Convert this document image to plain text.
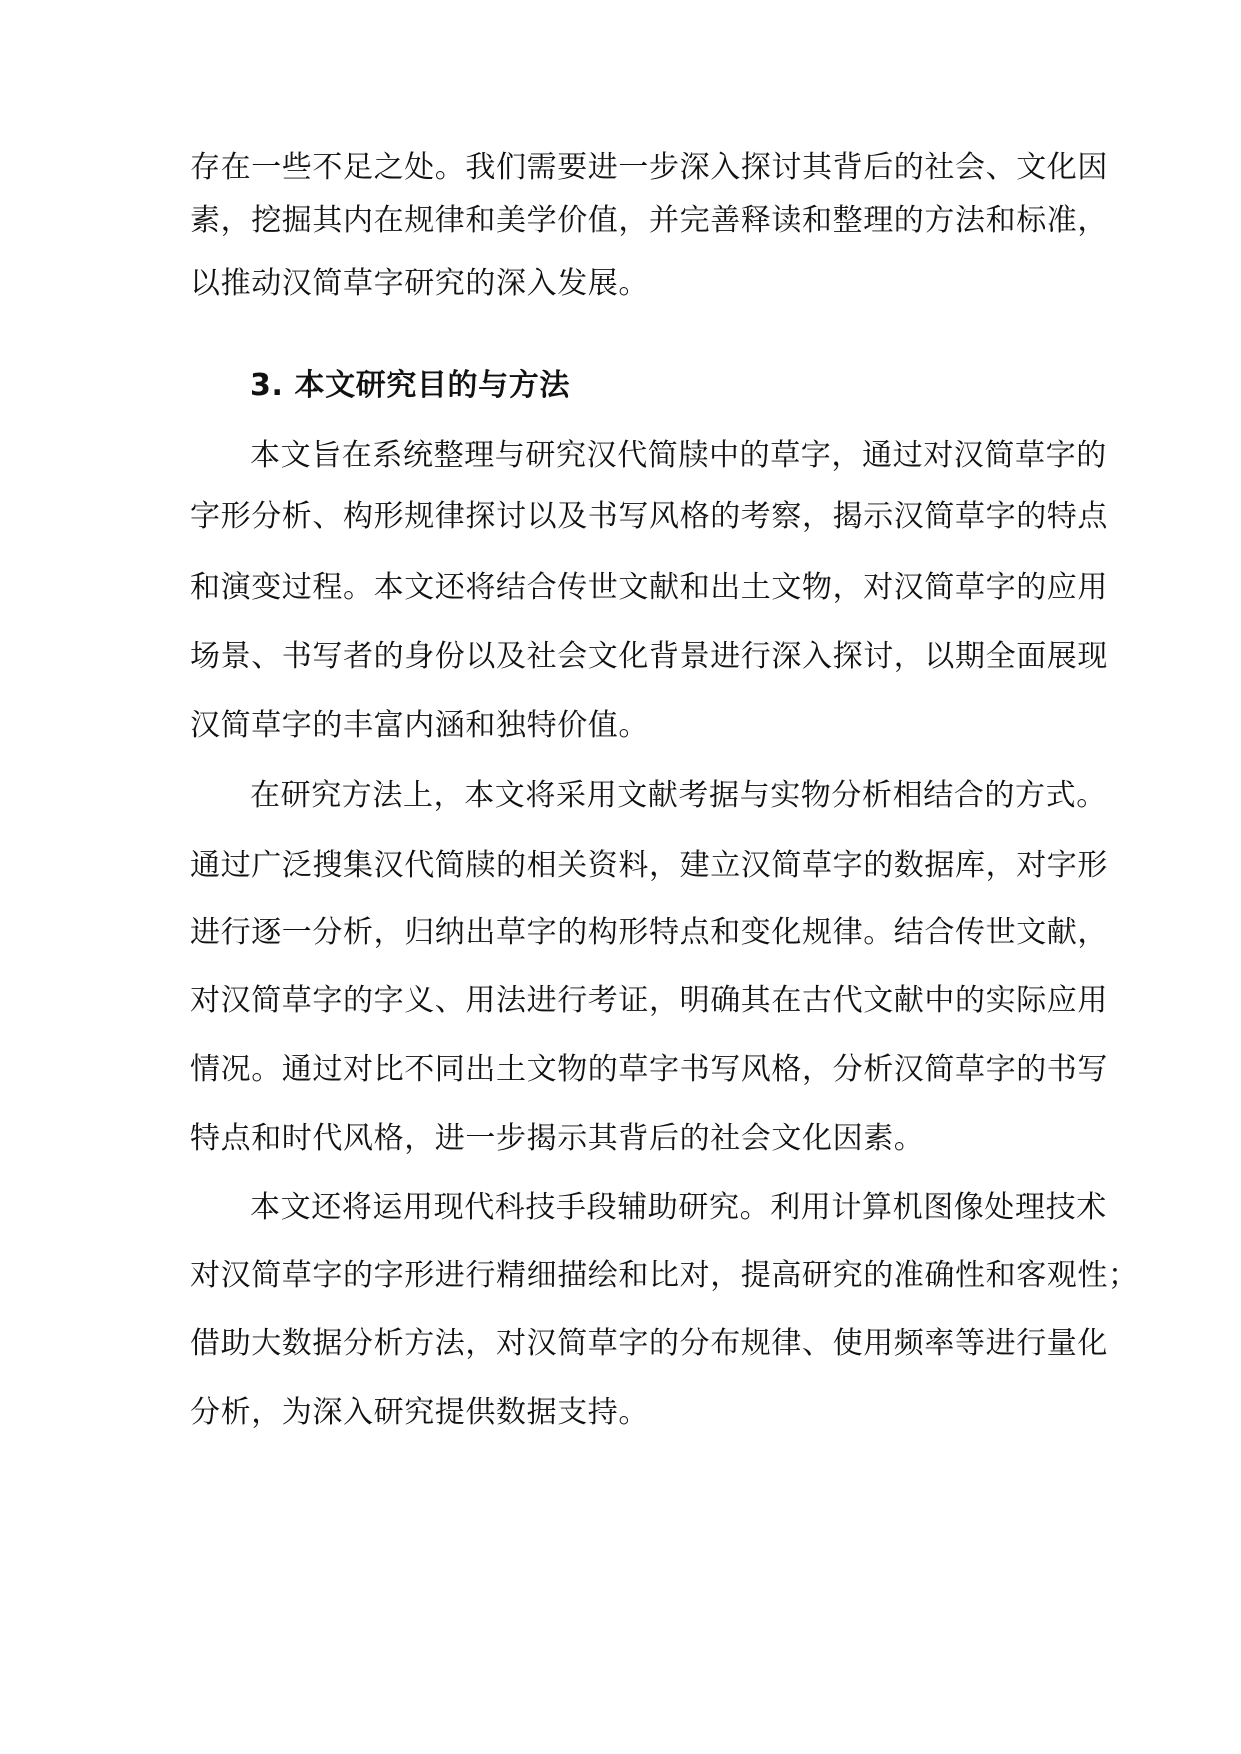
存在一些不足之处。我们需要进一步深入探讨其背后的社会、文化因
素，挖掘其内在规律和美学价值，并完善释读和整理的方法和标准，
以推动汉简草字研究的深入发展。
3. 本文研究目的与方法
本文旨在系统整理与研究汉代简牍中的草字，通过对汉简草字的
字形分析、构形规律探讨以及书写风格的考察，揭示汉简草字的特点
和演变过程。本文还将结合传世文献和出土文物，对汉简草字的应用
场景、书写者的身份以及社会文化背景进行深入探讨，以期全面展现
汉简草字的丰富内涵和独特价值。
在研究方法上，本文将采用文献考据与实物分析相结合的方式。
通过广泛搜集汉代简牍的相关资料，建立汉简草字的数据库，对字形
进行逐一分析，归纳出草字的构形特点和变化规律。结合传世文献，
对汉简草字的字义、用法进行考证，明确其在古代文献中的实际应用
情况。通过对比不同出土文物的草字书写风格，分析汉简草字的书写
特点和时代风格，进一步揭示其背后的社会文化因素。
本文还将运用现代科技手段辅助研究。利用计算机图像处理技术
对汉简草字的字形进行精细描绘和比对，提高研究的准确性和客观性；
借助大数据分析方法，对汉简草字的分布规律、使用频率等进行量化
分析，为深入研究提供数据支持。
